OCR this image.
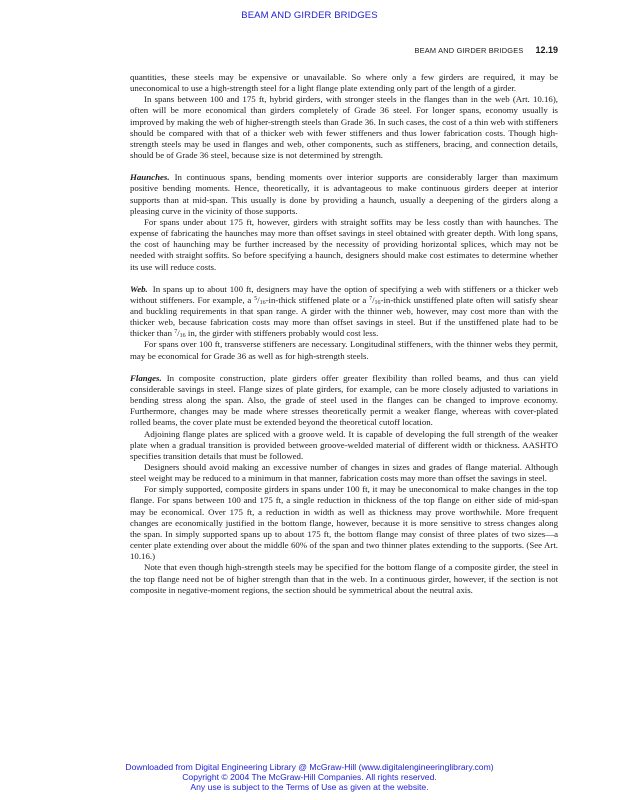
BEAM AND GIRDER BRIDGES
BEAM AND GIRDER BRIDGES 12.19

quantities, these steels may be expensive or unavailable. So where only a few girders are required, it may be uneconomical to use a high-strength steel for a light flange plate extending only part of the length of a girder.

In spans between 100 and 175 ft, hybrid girders, with stronger steels in the flanges than in the web (Art. 10.16), often will be more economical than girders completely of Grade 36 steel. For longer spans, economy usually is improved by making the web of higher-strength steels than Grade 36. In such cases, the cost of a thin web with stiffeners should be compared with that of a thicker web with fewer stiffeners and thus lower fabrication costs. Though high-strength steels may be used in flanges and web, other components, such as stiffeners, bracing, and connection details, should be of Grade 36 steel, because size is not determined by strength.

Haunches. In continuous spans, bending moments over interior supports are considerably larger than maximum positive bending moments. Hence, theoretically, it is advantageous to make continuous girders deeper at interior supports than at mid-span. This usually is done by providing a haunch, usually a deepening of the girders along a pleasing curve in the vicinity of those supports.

For spans under about 175 ft, however, girders with straight soffits may be less costly than with haunches. The expense of fabricating the haunches may more than offset savings in steel obtained with greater depth. With long spans, the cost of haunching may be further increased by the necessity of providing horizontal splices, which may not be needed with straight soffits. So before specifying a haunch, designers should make cost estimates to determine whether its use will reduce costs.

Web. In spans up to about 100 ft, designers may have the option of specifying a web with stiffeners or a thicker web without stiffeners. For example, a $^5/_{16}-in$-thick stiffened plate or a $^7/_{16}-in$-thick unstiffened plate often will satisfy shear and buckling requirements in that span range. A girder with the thinner web, however, may cost more than with the thicker web, because fabrication costs may more than offset savings in steel. But if the unstiffened plate had to be thicker than $^7/_{16}$ in, the girder with stiffeners probably would cost less.

For spans over 100 ft, transverse stiffeners are necessary. Longitudinal stiffeners, with the thinner webs they permit, may be economical for Grade 36 as well as for high-strength steels.

Flanges. In composite construction, plate girders offer greater flexibility than rolled beams, and thus can yield considerable savings in steel. Flange sizes of plate girders, for example, can be more closely adjusted to variations in bending stress along the span. Also, the grade of steel used in the flanges can be changed to improve economy. Furthermore, changes may be made where stresses theoretically permit a weaker flange, whereas with cover-plated rolled beams, the cover plate must be extended beyond the theoretical cutoff location.

Adjoining flange plates are spliced with a groove weld. It is capable of developing the full strength of the weaker plate when a gradual transition is provided between groove-welded material of different width or thickness. AASHTO specifies transition details that must be followed.

Designers should avoid making an excessive number of changes in sizes and grades of flange material. Although steel weight may be reduced to a minimum in that manner, fabrication costs may more than offset the savings in steel.

For simply supported, composite girders in spans under 100 ft, it may be uneconomical to make changes in the top flange. For spans between 100 and 175 ft, a single reduction in thickness of the top flange on either side of mid-span may be economical. Over 175 ft, a reduction in width as well as thickness may prove worthwhile. More frequent changes are economically justified in the bottom flange, however, because it is more sensitive to stress changes along the span. In simply supported spans up to about 175 ft, the bottom flange may consist of three plates of two sizes—a center plate extending over about the middle 60% of the span and two thinner plates extending to the supports. (See Art. 10.16.)

Note that even though high-strength steels may be specified for the bottom flange of a composite girder, the steel in the top flange need not be of higher strength than that in the web. In a continuous girder, however, if the section is not composite in negative-moment regions, the section should be symmetrical about the neutral axis.

Downloaded from Digital Engineering Library @ McGraw-Hill (www.digitalengineeringlibrary.com)
Copyright © 2004 The McGraw-Hill Companies. All rights reserved.
Any use is subject to the Terms of Use as given at the website.
